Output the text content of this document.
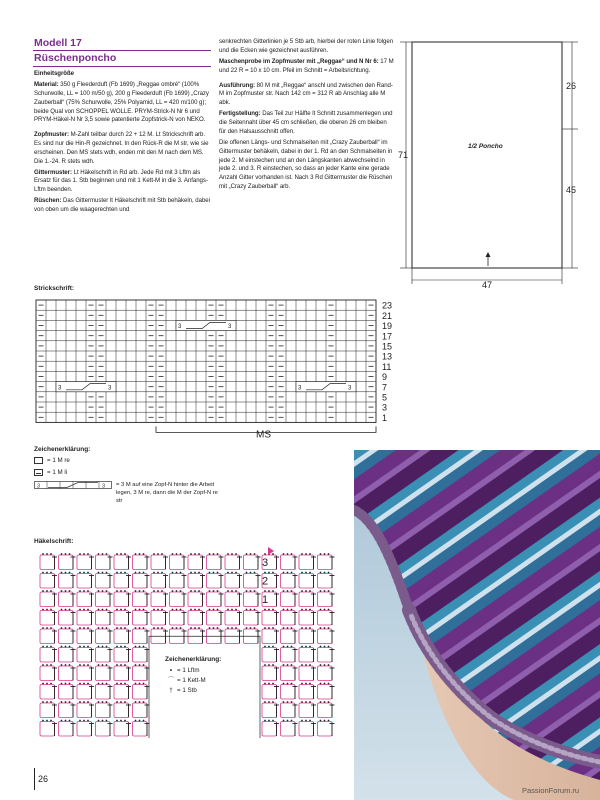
Modell 17
Rüschenponcho

Einheitsgröße

Material: 350 g Fleederduft (Fb 1699) „Reggae ombré“ (100% Schurwolle, LL = 100 m/50 g), 200 g Fleederduft (Fb 1699) „Crazy Zauberball“ (75% Schurwolle, 25% Polyamid, LL = 420 m/100 g); beide Qual von SCHOPPEL WOLLE. PRYM-Strick-N Nr 6 und PRYM-Häkel-N Nr 3,5 sowie patentierte Zopfstrick-N von NEKO.

Zopfmuster: M-Zahl teilbar durch 22 + 12 M. Lt Strickschrift arb. Es sind nur die Hin-R gezeichnet. In den Rück-R die M str, wie sie erscheinen. Den MS stets wdh, enden mit den M nach dem MS. Die 1.-24. R stets wdh.

Gittermuster: Lt Häkelschrift in Rd arb. Jede Rd mit 3 Lftm als Ersatz für das 1. Stb beginnen und mit 1 Kett-M in die 3. Anfangs-Lftm beenden.

Rüschen: Das Gittermuster lt Häkelschrift mit Stb behäkeln, dabei von oben um die waagerechten und

senkrechten Gitterlinien je 5 Stb arb, hierbei der roten Linie folgen und die Ecken wie gezeichnet ausführen.

Maschenprobe im Zopfmuster mit „Reggae“ und N Nr 6: 17 M und 22 R = 10 x 10 cm. Pfeil im Schnitt = Arbeitsrichtung.

Ausführung: 80 M mit „Reggae“ anschl und zwischen den Rand-M im Zopfmuster str. Nach 142 cm = 312 R ab Anschlag alle M abk.

Fertigstellung: Das Teil zur Hälfte lt Schnitt zusammenlegen und die Seitennaht über 45 cm schließen, die oberen 26 cm bleiben für den Halsausschnitt offen.

Die offenen Längs- und Schmalseiten mit „Crazy Zauberball“ im Gittermuster behäkeln, dabei in der 1. Rd an den Schmalseiten in jede 2. M einstechen und an den Längskanten abwechselnd in jede 2. und 3. R einstechen, so dass an jeder Kante eine gerade Anzahl Gitter vorhanden ist. Nach 3 Rd Gittermuster die Rüschen mit „Crazy Zauberball“ arb.

26
45
71
47
1/2 Poncho
Strickschrift:
3	3
3	3
3	3
23
21
19
17
15
13
11
9
7
5
3
1
MS
Zeichenerklärung:
= 1 M re
= 1 M li
3	3 = 3 M auf eine Zopf-N hinter die Arbeit legen, 3 M re, dann die M der Zopf-N re str
Häkelschrift:
3
2
1
Zeichenerklärung:
• = 1 Lftm
⌒ = 1 Kett-M
† = 1 Stb
26
PassionForum.ru
